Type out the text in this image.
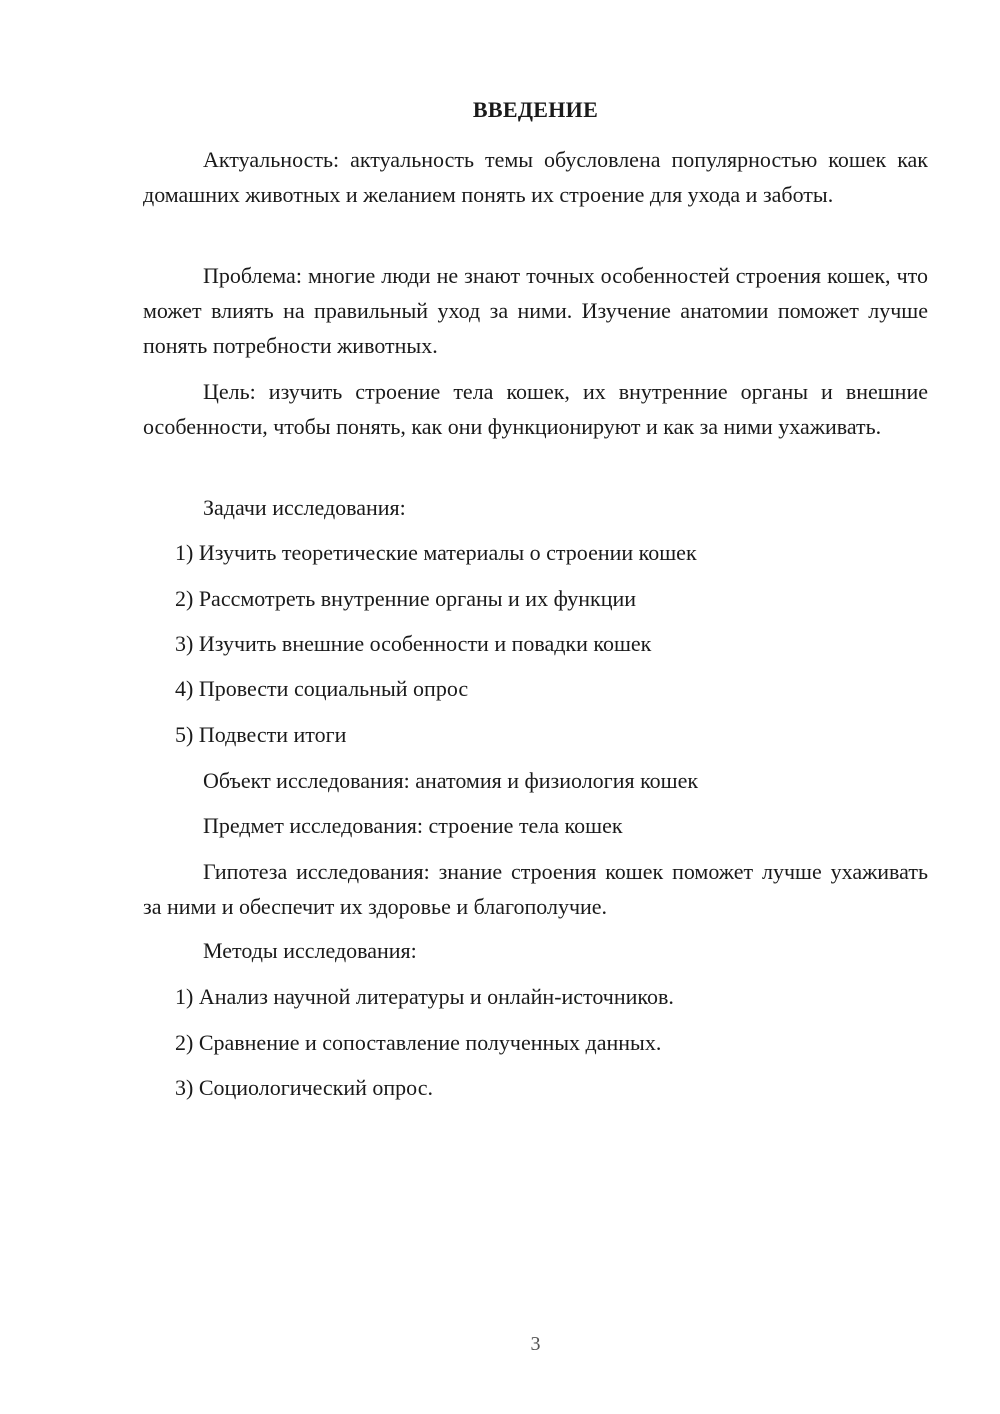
ВВЕДЕНИЕ

Актуальность: актуальность темы обусловлена популярностью кошек как домашних животных и желанием понять их строение для ухода и заботы.

Проблема: многие люди не знают точных особенностей строения кошек, что может влиять на правильный уход за ними. Изучение анатомии поможет лучше понять потребности животных.

Цель: изучить строение тела кошек, их внутренние органы и внешние особенности, чтобы понять, как они функционируют и как за ними ухаживать.

Задачи исследования:
1) Изучить теоретические материалы о строении кошек
2) Рассмотреть внутренние органы и их функции
3) Изучить внешние особенности и повадки кошек
4) Провести социальный опрос
5) Подвести итоги
Объект исследования: анатомия и физиология кошек
Предмет исследования: строение тела кошек

Гипотеза исследования: знание строения кошек поможет лучше ухаживать за ними и обеспечит их здоровье и благополучие.

Методы исследования:
1) Анализ научной литературы и онлайн-источников.
2) Сравнение и сопоставление полученных данных.
3) Социологический опрос.
3
